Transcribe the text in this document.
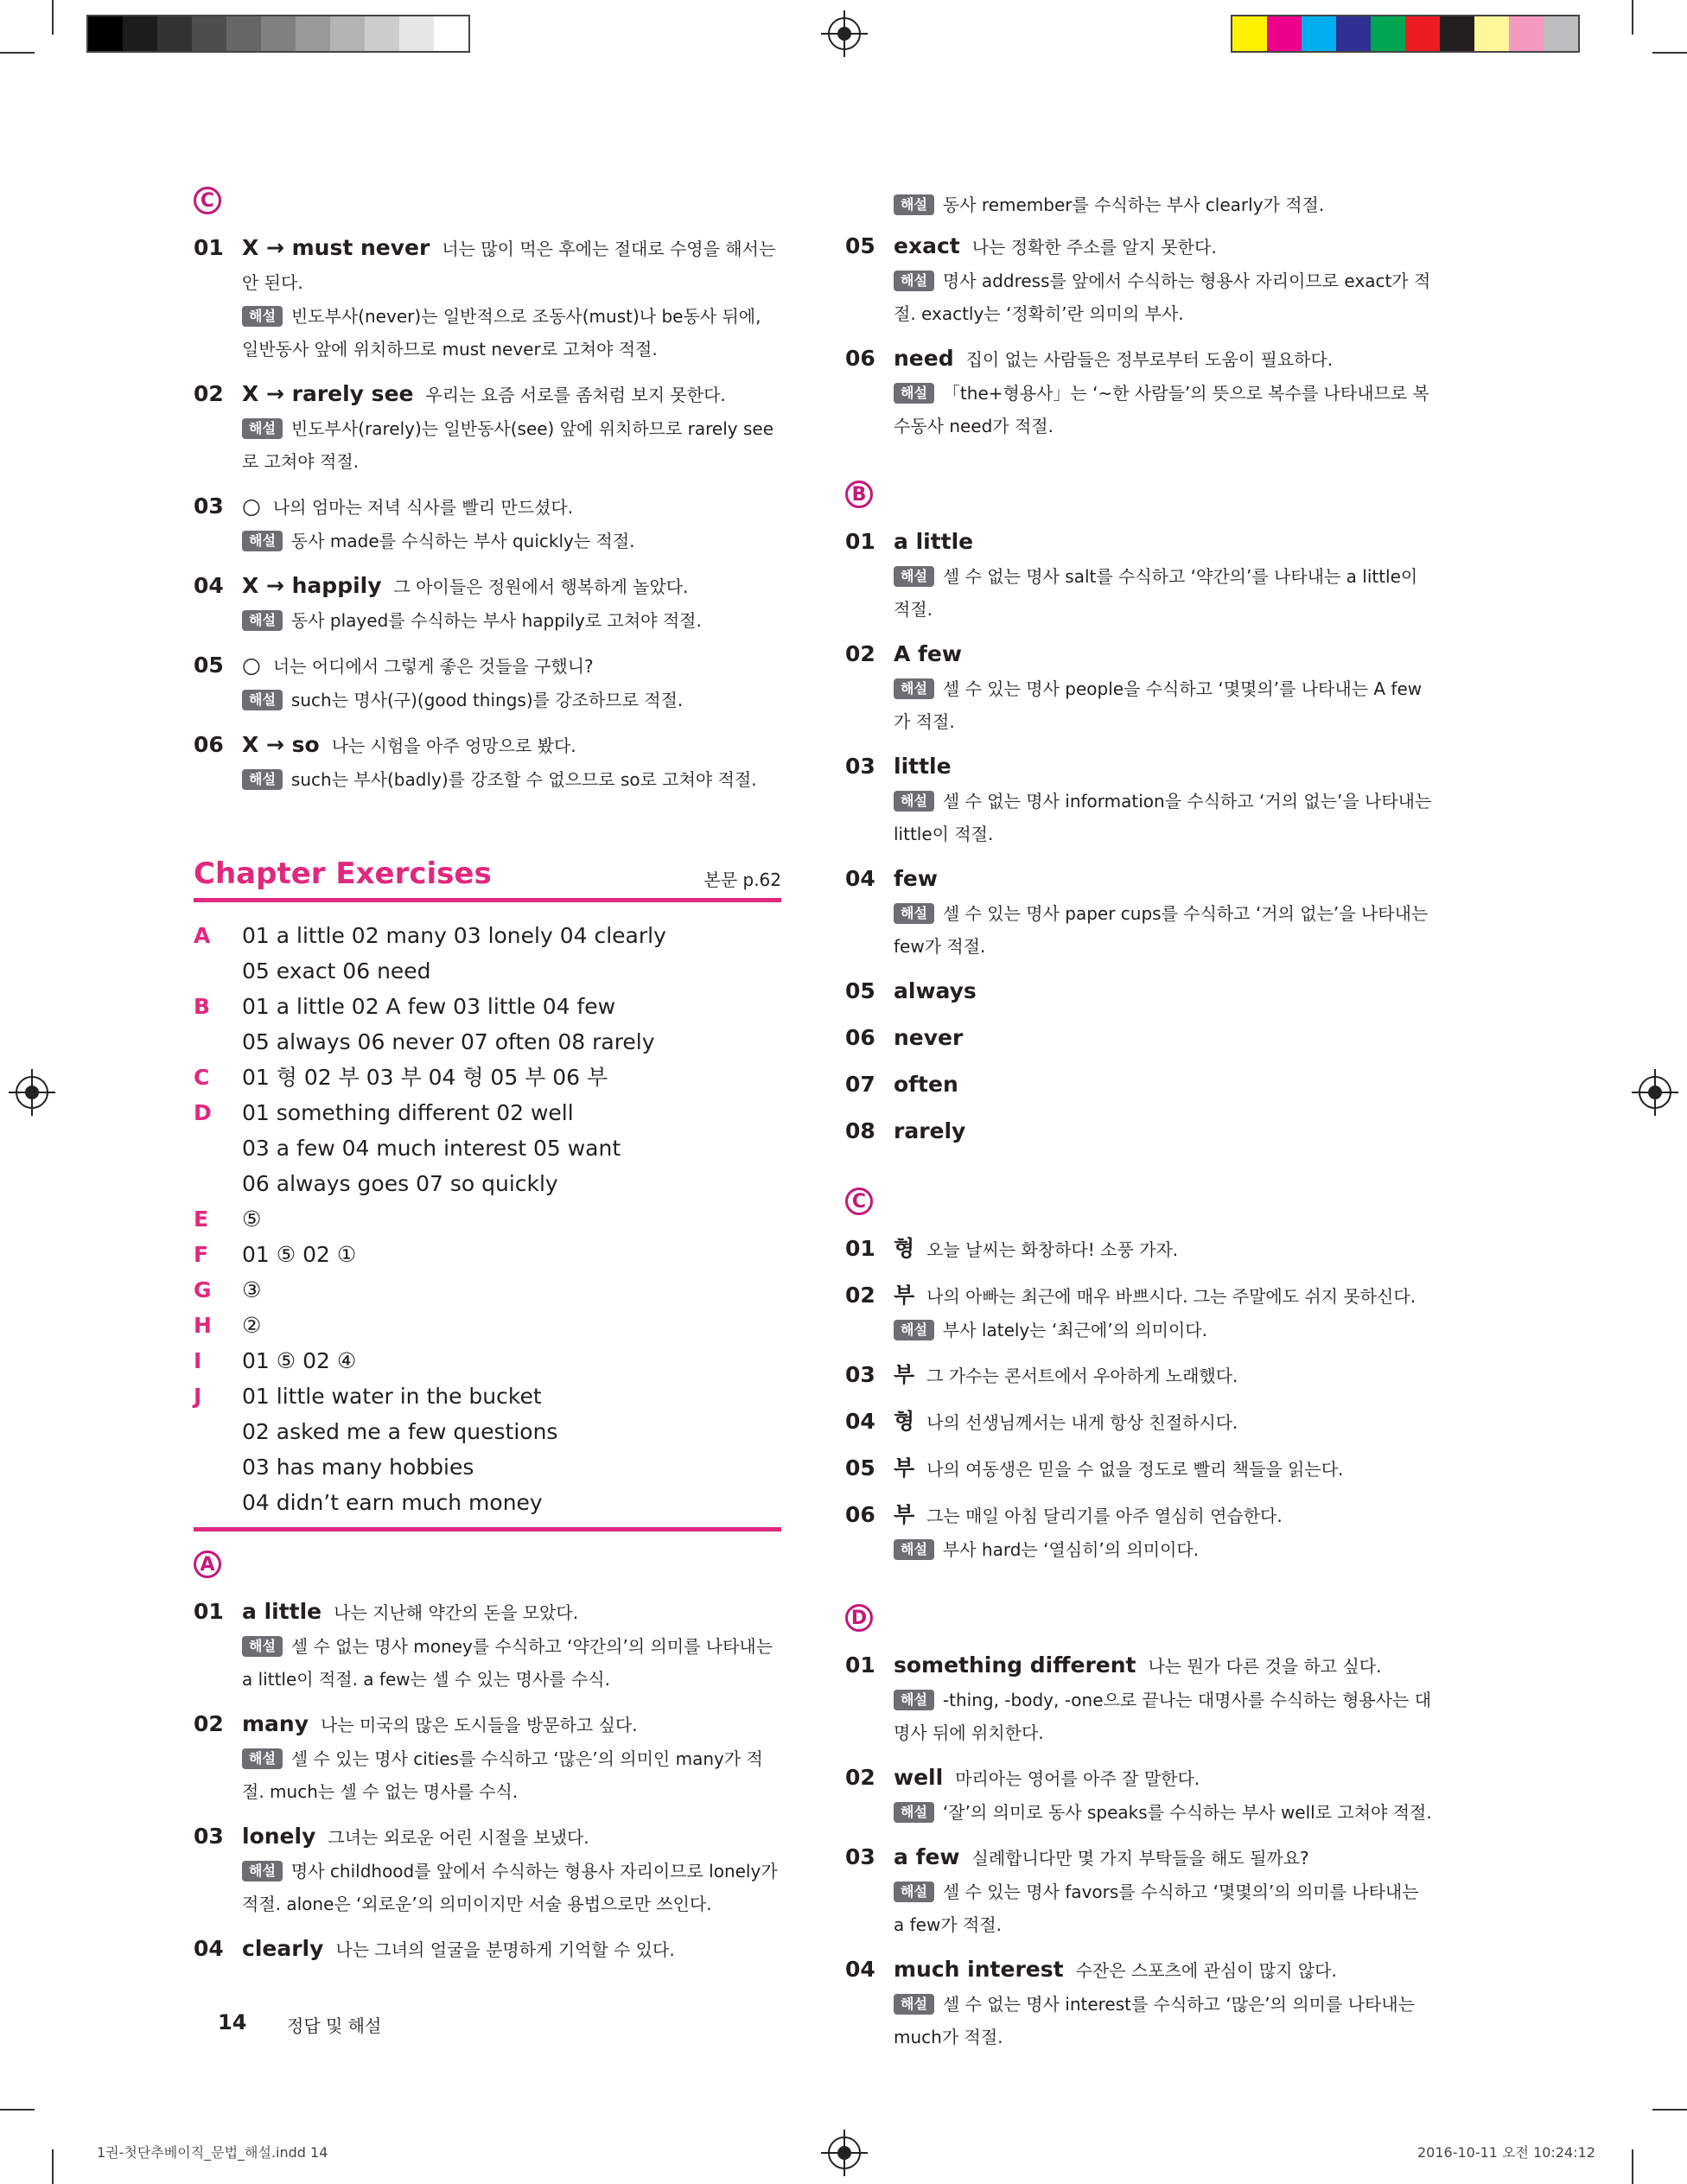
C
01 X → must never 너는 많이 먹은 후에는 절대로 수영을 해서는 안 된다.
해설 빈도부사(never)는 일반적으로 조동사(must)나 be동사 뒤에, 일반동사 앞에 위치하므로 must never로 고쳐야 적절.
02 X → rarely see 우리는 요즘 서로를 좀처럼 보지 못한다.
해설 빈도부사(rarely)는 일반동사(see) 앞에 위치하므로 rarely see로 고쳐야 적절.
03 ○ 나의 엄마는 저녁 식사를 빨리 만드셨다.
해설 동사 made를 수식하는 부사 quickly는 적절.
04 X → happily 그 아이들은 정원에서 행복하게 놀았다.
해설 동사 played를 수식하는 부사 happily로 고쳐야 적절.
05 ○ 너는 어디에서 그렇게 좋은 것들을 구했니?
해설 such는 명사(구)(good things)를 강조하므로 적절.
06 X → so 나는 시험을 아주 엉망으로 봤다.
해설 such는 부사(badly)를 강조할 수 없으므로 so로 고쳐야 적절.
Chapter Exercises	본문 p.62
A	01 a little 02 many 03 lonely 04 clearly
05 exact 06 need
B	01 a little 02 A few 03 little 04 few
05 always 06 never 07 often 08 rarely
C	01 형 02 부 03 부 04 형 05 부 06 부
D	01 something different 02 well
03 a few 04 much interest 05 want
06 always goes 07 so quickly
E	⑤
F	01 ⑤ 02 ①
G	③
H	②
I	01 ⑤ 02 ④
J	01 little water in the bucket
02 asked me a few questions
03 has many hobbies
04 didn’t earn much money
A
01 a little 나는 지난해 약간의 돈을 모았다.
해설 셀 수 없는 명사 money를 수식하고 ‘약간의’의 의미를 나타내는 a little이 적절. a few는 셀 수 있는 명사를 수식.
02 many 나는 미국의 많은 도시들을 방문하고 싶다.
해설 셀 수 있는 명사 cities를 수식하고 ‘많은’의 의미인 many가 적절. much는 셀 수 없는 명사를 수식.
03 lonely 그녀는 외로운 어린 시절을 보냈다.
해설 명사 childhood를 앞에서 수식하는 형용사 자리이므로 lonely가 적절. alone은 ‘외로운’의 의미이지만 서술 용법으로만 쓰인다.
04 clearly 나는 그녀의 얼굴을 분명하게 기억할 수 있다.
해설 동사 remember를 수식하는 부사 clearly가 적절.
05 exact 나는 정확한 주소를 알지 못한다.
해설 명사 address를 앞에서 수식하는 형용사 자리이므로 exact가 적절. exactly는 ‘정확히’란 의미의 부사.
06 need 집이 없는 사람들은 정부로부터 도움이 필요하다.
해설 「the+형용사」는 ‘~한 사람들’의 뜻으로 복수를 나타내므로 복수동사 need가 적절.
B
01 a little
해설 셀 수 없는 명사 salt를 수식하고 ‘약간의’를 나타내는 a little이 적절.
02 A few
해설 셀 수 있는 명사 people을 수식하고 ‘몇몇의’를 나타내는 A few가 적절.
03 little
해설 셀 수 없는 명사 information을 수식하고 ‘거의 없는’을 나타내는 little이 적절.
04 few
해설 셀 수 있는 명사 paper cups를 수식하고 ‘거의 없는’을 나타내는 few가 적절.
05 always
06 never
07 often
08 rarely
C
01 형 오늘 날씨는 화창하다! 소풍 가자.
02 부 나의 아빠는 최근에 매우 바쁘시다. 그는 주말에도 쉬지 못하신다.
해설 부사 lately는 ‘최근에’의 의미이다.
03 부 그 가수는 콘서트에서 우아하게 노래했다.
04 형 나의 선생님께서는 내게 항상 친절하시다.
05 부 나의 여동생은 믿을 수 없을 정도로 빨리 책들을 읽는다.
06 부 그는 매일 아침 달리기를 아주 열심히 연습한다.
해설 부사 hard는 ‘열심히’의 의미이다.
D
01 something different 나는 뭔가 다른 것을 하고 싶다.
해설 -thing, -body, -one으로 끝나는 대명사를 수식하는 형용사는 대명사 뒤에 위치한다.
02 well 마리아는 영어를 아주 잘 말한다.
해설 ‘잘’의 의미로 동사 speaks를 수식하는 부사 well로 고쳐야 적절.
03 a few 실례합니다만 몇 가지 부탁들을 해도 될까요?
해설 셀 수 있는 명사 favors를 수식하고 ‘몇몇의’의 의미를 나타내는 a few가 적절.
04 much interest 수잔은 스포츠에 관심이 많지 않다.
해설 셀 수 없는 명사 interest를 수식하고 ‘많은’의 의미를 나타내는 much가 적절.
14 정답 및 해설
1권-첫단추베이직_문법_해설.indd 14	2016-10-11 오전 10:24:12
